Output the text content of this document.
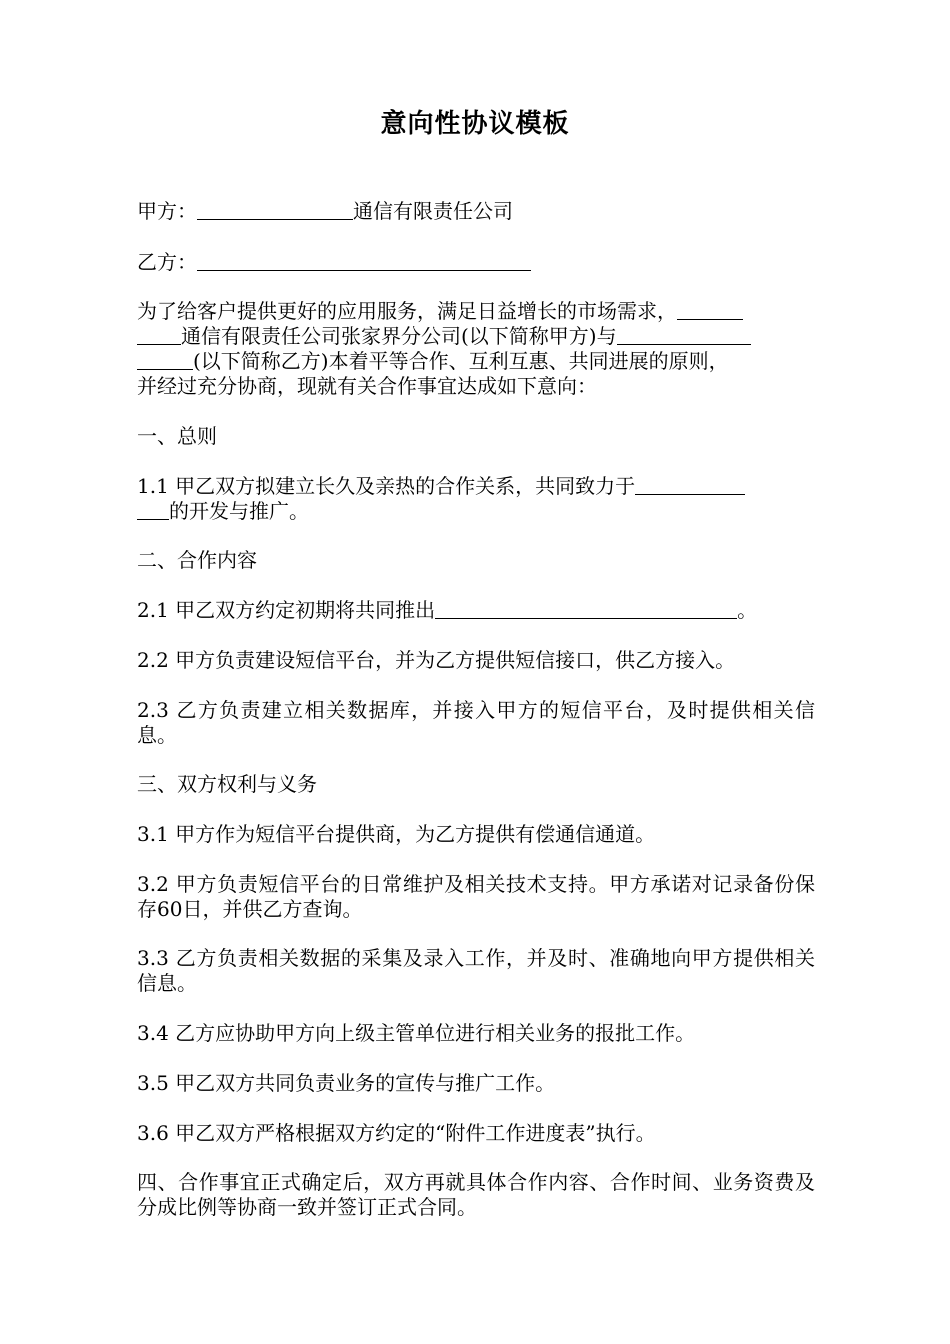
意向性协议模板

甲方：	通信有限责任公司

乙方：

为了给客户提供更好的应用服务，满足日益增长的市场需求，
通信有限责任公司张家界分公司(以下简称甲方)与
(以下简称乙方)本着平等合作、互利互惠、共同进展的原则，
并经过充分协商，现就有关合作事宜达成如下意向：

一、总则

1.1 甲乙双方拟建立长久及亲热的合作关系，共同致力于
的开发与推广。

二、合作内容

2.1 甲乙双方约定初期将共同推出	。

2.2 甲方负责建设短信平台，并为乙方提供短信接口，供乙方接入。

2.3 乙方负责建立相关数据库，并接入甲方的短信平台，及时提供相关信息。

三、双方权利与义务

3.1 甲方作为短信平台提供商，为乙方提供有偿通信通道。

3.2 甲方负责短信平台的日常维护及相关技术支持。甲方承诺对记录备份保存60日，并供乙方查询。

3.3 乙方负责相关数据的采集及录入工作，并及时、准确地向甲方提供相关信息。

3.4 乙方应协助甲方向上级主管单位进行相关业务的报批工作。

3.5 甲乙双方共同负责业务的宣传与推广工作。

3.6 甲乙双方严格根据双方约定的“附件工作进度表”执行。

四、合作事宜正式确定后，双方再就具体合作内容、合作时间、业务资费及分成比例等协商一致并签订正式合同。
